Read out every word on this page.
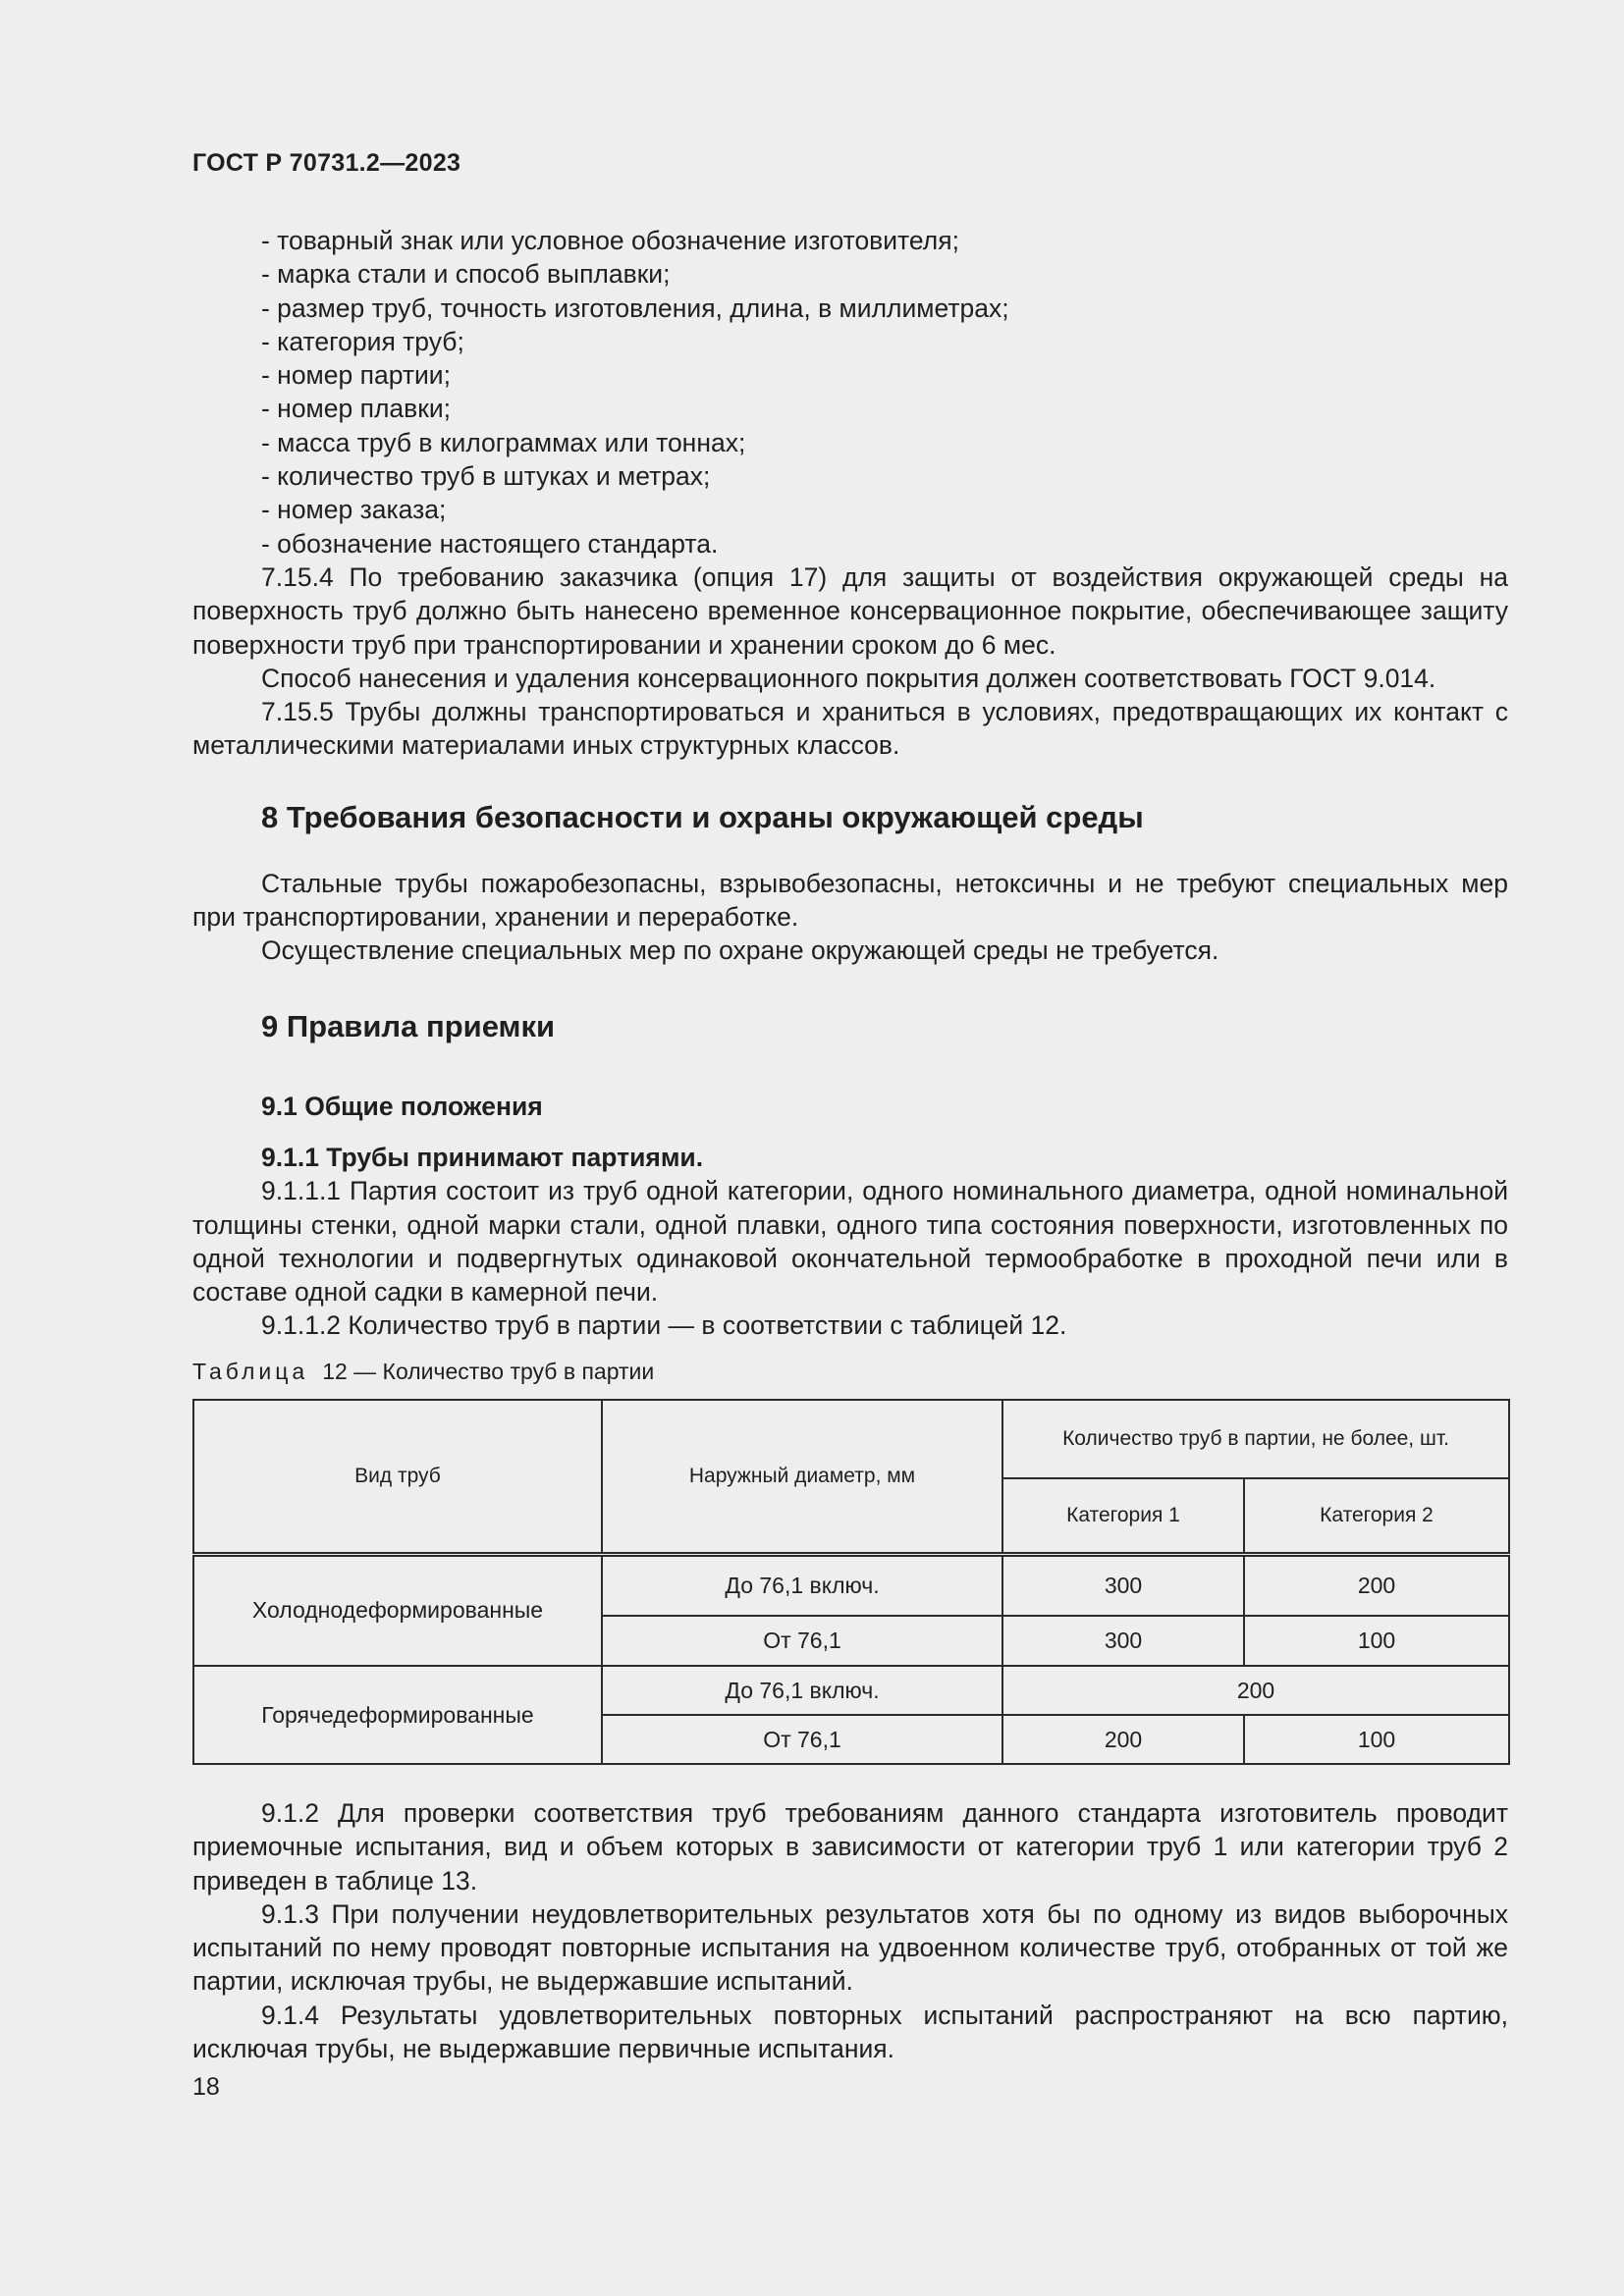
ГОСТ Р 70731.2—2023
- товарный знак или условное обозначение изготовителя;
- марка стали и способ выплавки;
- размер труб, точность изготовления, длина, в миллиметрах;
- категория труб;
- номер партии;
- номер плавки;
- масса труб в килограммах или тоннах;
- количество труб в штуках и метрах;
- номер заказа;
- обозначение настоящего стандарта.

7.15.4 По требованию заказчика (опция 17) для защиты от воздействия окружающей среды на поверхность труб должно быть нанесено временное консервационное покрытие, обеспечивающее защиту поверхности труб при транспортировании и хранении сроком до 6 мес.

Способ нанесения и удаления консервационного покрытия должен соответствовать ГОСТ 9.014.

7.15.5 Трубы должны транспортироваться и храниться в условиях, предотвращающих их контакт с металлическими материалами иных структурных классов.

8 Требования безопасности и охраны окружающей среды

Стальные трубы пожаробезопасны, взрывобезопасны, нетоксичны и не требуют специальных мер при транспортировании, хранении и переработке.

Осуществление специальных мер по охране окружающей среды не требуется.

9 Правила приемки
9.1 Общие положения
9.1.1 Трубы принимают партиями.

9.1.1.1 Партия состоит из труб одной категории, одного номинального диаметра, одной номинальной толщины стенки, одной марки стали, одной плавки, одного типа состояния поверхности, изготовленных по одной технологии и подвергнутых одинаковой окончательной термообработке в проходной печи или в составе одной садки в камерной печи.

9.1.1.2 Количество труб в партии — в соответствии с таблицей 12.

Таблица 12 — Количество труб в партии
Вид труб	Наружный диаметр, мм	Количество труб в партии, не более, шт.	
		Категория 1	Категория 2
Холоднодеформированные	До 76,1 включ.	300	200
	От 76,1	300	100
Горячедеформированные	До 76,1 включ.	200	
	От 76,1	200	100

9.1.2 Для проверки соответствия труб требованиям данного стандарта изготовитель проводит приемочные испытания, вид и объем которых в зависимости от категории труб 1 или категории труб 2 приведен в таблице 13.

9.1.3 При получении неудовлетворительных результатов хотя бы по одному из видов выборочных испытаний по нему проводят повторные испытания на удвоенном количестве труб, отобранных от той же партии, исключая трубы, не выдержавшие испытаний.

9.1.4 Результаты удовлетворительных повторных испытаний распространяют на всю партию, исключая трубы, не выдержавшие первичные испытания.

18
